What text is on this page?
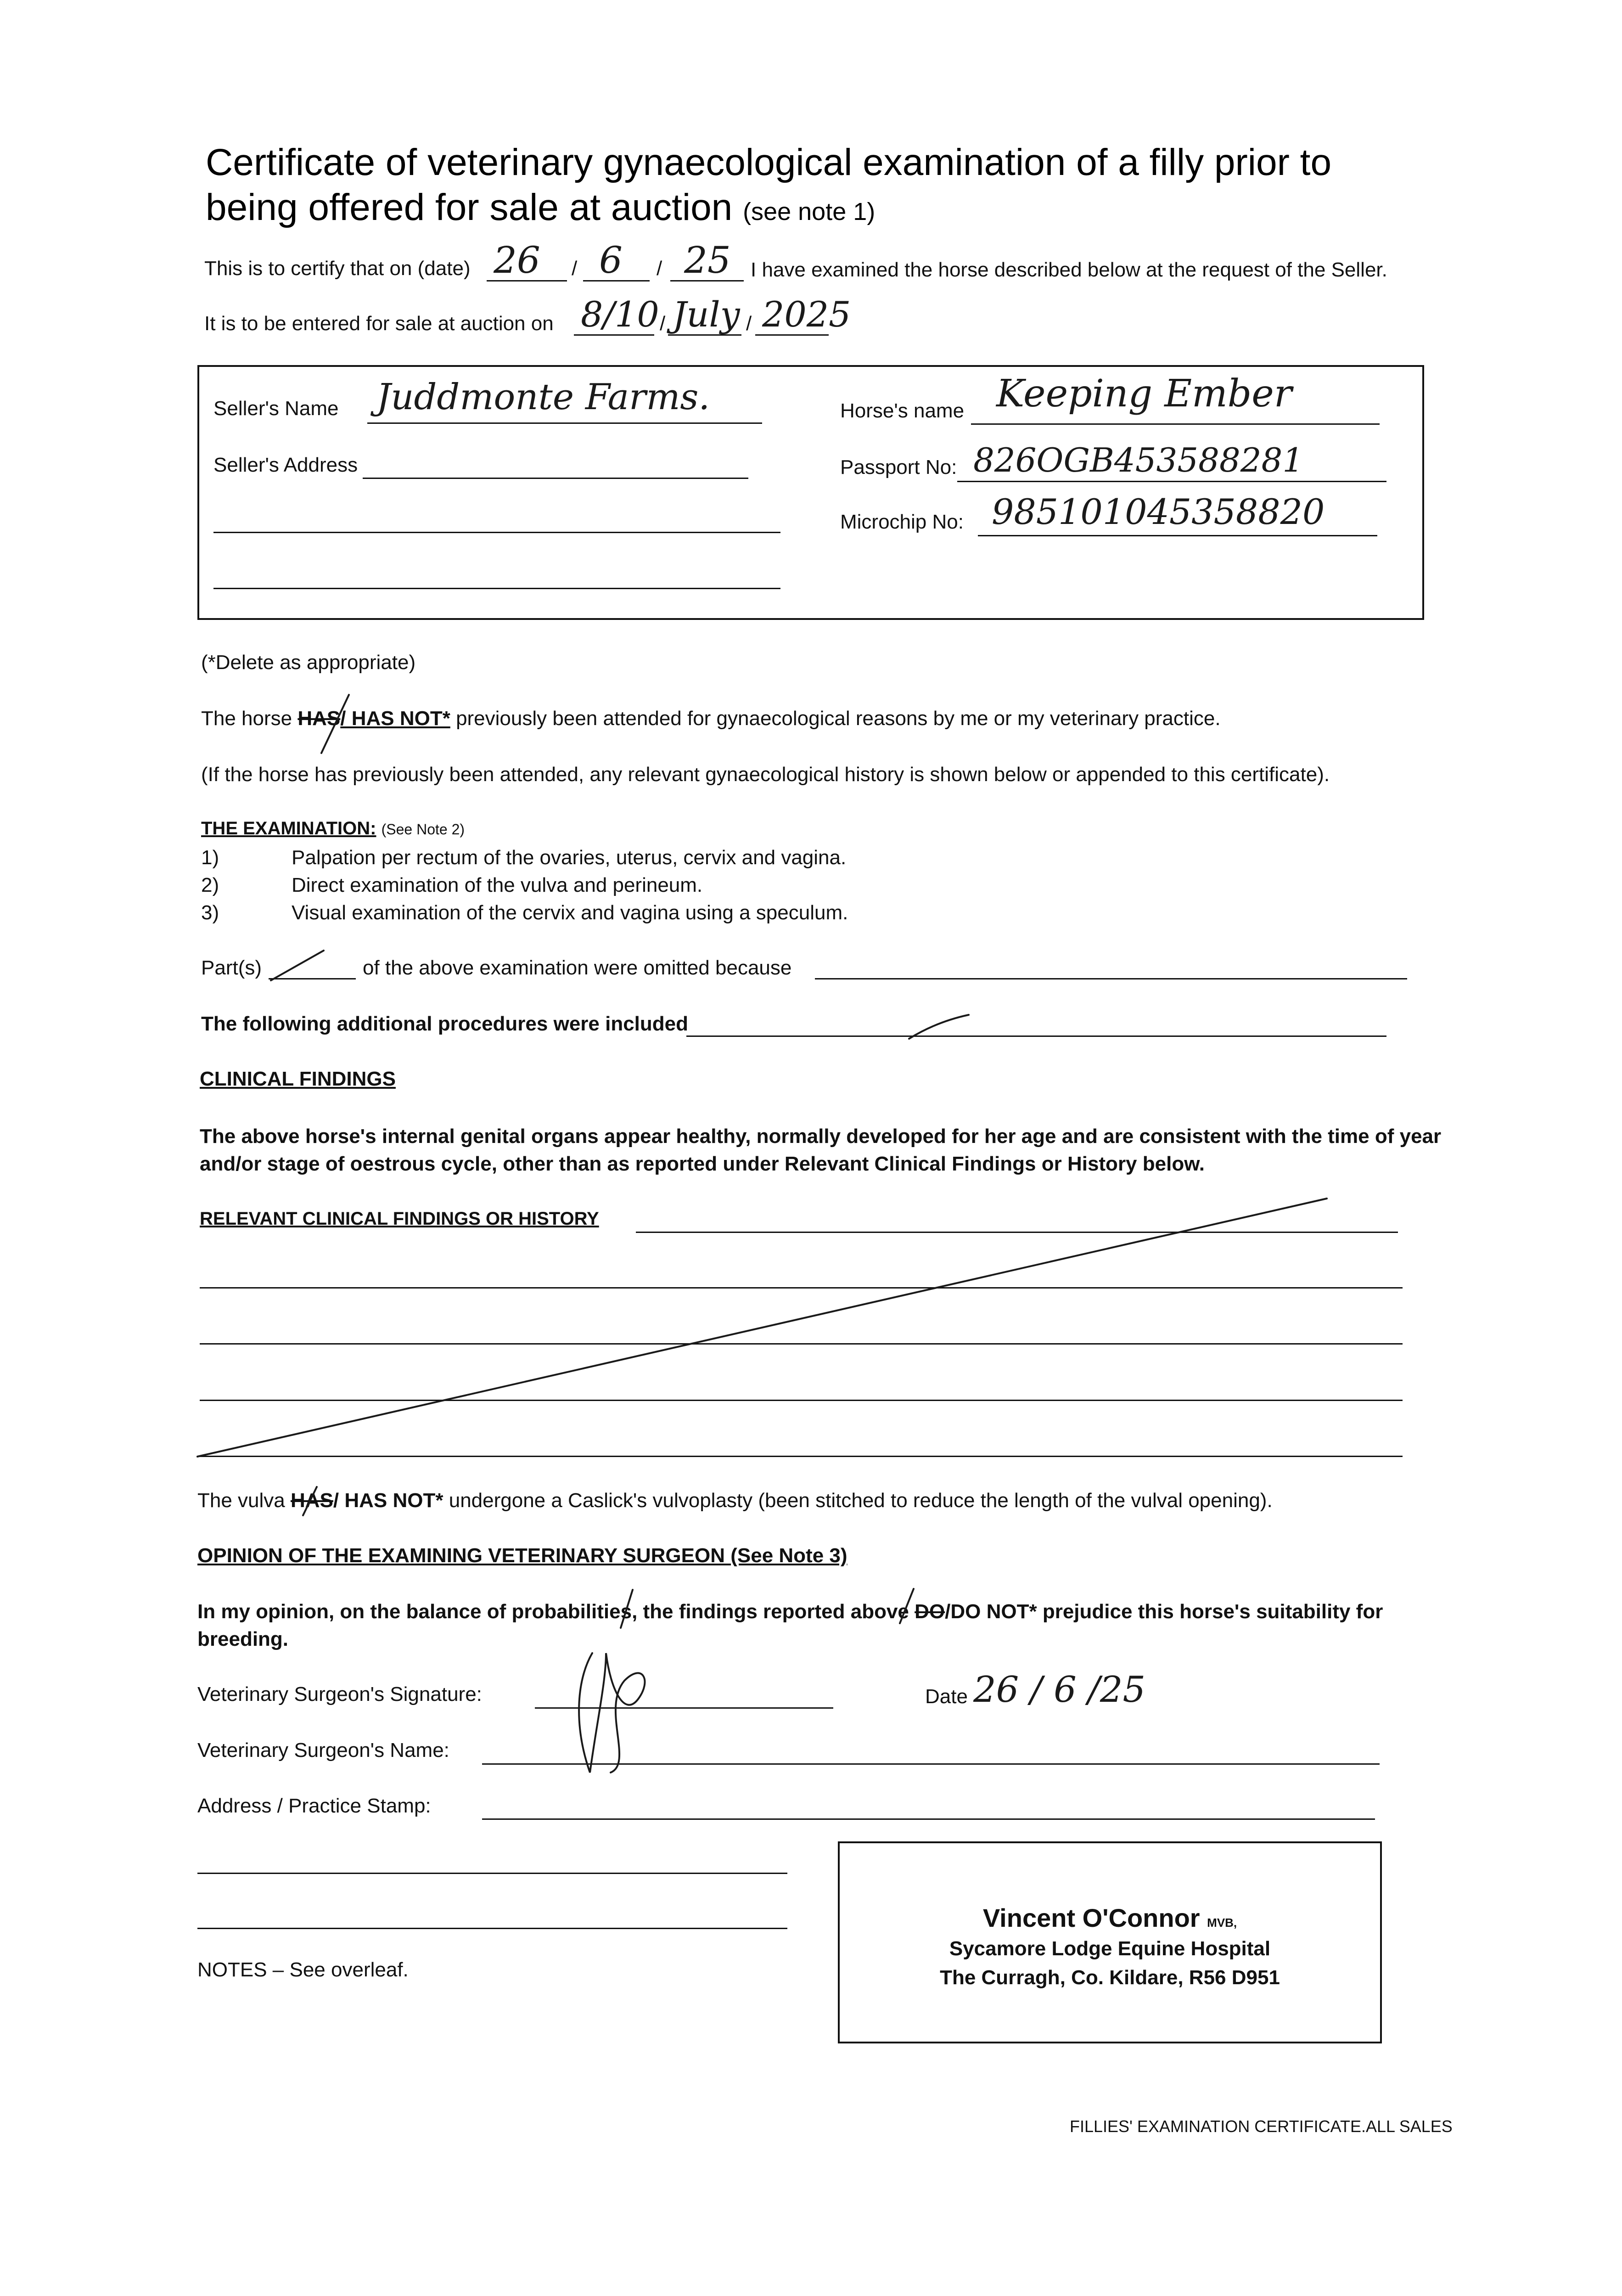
Certificate of veterinary gynaecological examination of a filly prior to
being offered for sale at auction (see note 1)
This is to certify that on (date) 26 / 6 / 25 I have examined the horse described below at the request of the Seller.
It is to be entered for sale at auction on 8/10 / July / 2025
Seller's Name Juddmonte Farms.
Seller's Address
Horse's name Keeping Ember
Passport No: 826OGB453588281
Microchip No: 985101045358820
(*Delete as appropriate)
The horse HAS/ HAS NOT* previously been attended for gynaecological reasons by me or my veterinary practice.
(If the horse has previously been attended, any relevant gynaecological history is shown below or appended to this certificate).
THE EXAMINATION: (See Note 2)
1)	Palpation per rectum of the ovaries, uterus, cervix and vagina.
2)	Direct examination of the vulva and perineum.
3)	Visual examination of the cervix and vagina using a speculum.
Part(s)	of the above examination were omitted because
The following additional procedures were included
CLINICAL FINDINGS
The above horse's internal genital organs appear healthy, normally developed for her age and are consistent with the time of year
and/or stage of oestrous cycle, other than as reported under Relevant Clinical Findings or History below.
RELEVANT CLINICAL FINDINGS OR HISTORY
The vulva HAS/ HAS NOT* undergone a Caslick's vulvoplasty (been stitched to reduce the length of the vulval opening).
OPINION OF THE EXAMINING VETERINARY SURGEON (See Note 3)
In my opinion, on the balance of probabilities, the findings reported above DO/DO NOT* prejudice this horse's suitability for
breeding.
Veterinary Surgeon's Signature:	Date 26 / 6 /25
Veterinary Surgeon's Name:
Address / Practice Stamp:
NOTES – See overleaf.
Vincent O'Connor MVB,
Sycamore Lodge Equine Hospital
The Curragh, Co. Kildare, R56 D951
FILLIES' EXAMINATION CERTIFICATE.ALL SALES
